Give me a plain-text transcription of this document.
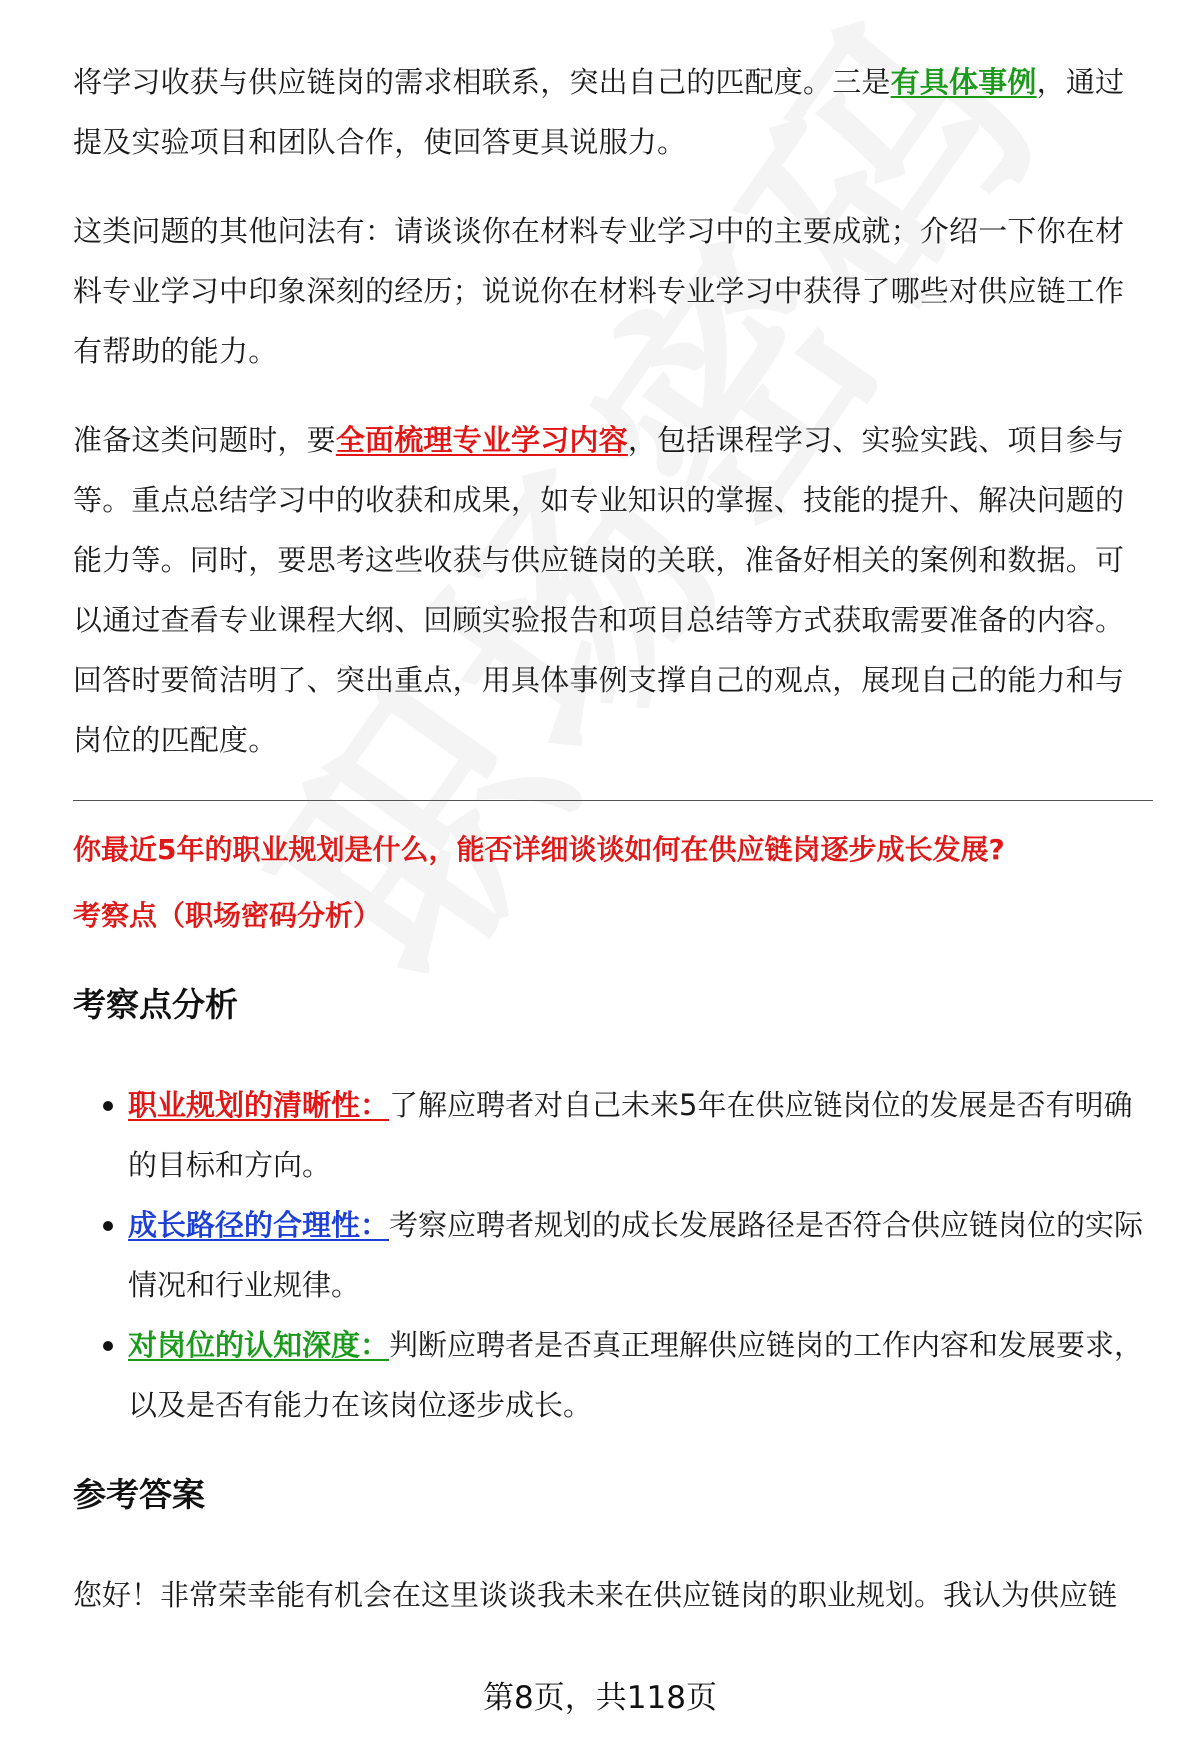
将学习收获与供应链岗的需求相联系，突出自己的匹配度。三是有具体事例，通过提及实验项目和团队合作，使回答更具说服力。

这类问题的其他问法有：请谈谈你在材料专业学习中的主要成就；介绍一下你在材料专业学习中印象深刻的经历；说说你在材料专业学习中获得了哪些对供应链工作有帮助的能力。

准备这类问题时，要全面梳理专业学习内容，包括课程学习、实验实践、项目参与等。重点总结学习中的收获和成果，如专业知识的掌握、技能的提升、解决问题的能力等。同时，要思考这些收获与供应链岗的关联，准备好相关的案例和数据。可以通过查看专业课程大纲、回顾实验报告和项目总结等方式获取需要准备的内容。回答时要简洁明了、突出重点，用具体事例支撑自己的观点，展现自己的能力和与岗位的匹配度。

你最近5年的职业规划是什么，能否详细谈谈如何在供应链岗逐步成长发展?

考察点（职场密码分析）

考察点分析
职业规划的清晰性：了解应聘者对自己未来5年在供应链岗位的发展是否有明确的目标和方向。
成长路径的合理性：考察应聘者规划的成长发展路径是否符合供应链岗位的实际情况和行业规律。
对岗位的认知深度：判断应聘者是否真正理解供应链岗的工作内容和发展要求，以及是否有能力在该岗位逐步成长。
参考答案

您好！非常荣幸能有机会在这里谈谈我未来在供应链岗的职业规划。我认为供应链

第8页，共118页
